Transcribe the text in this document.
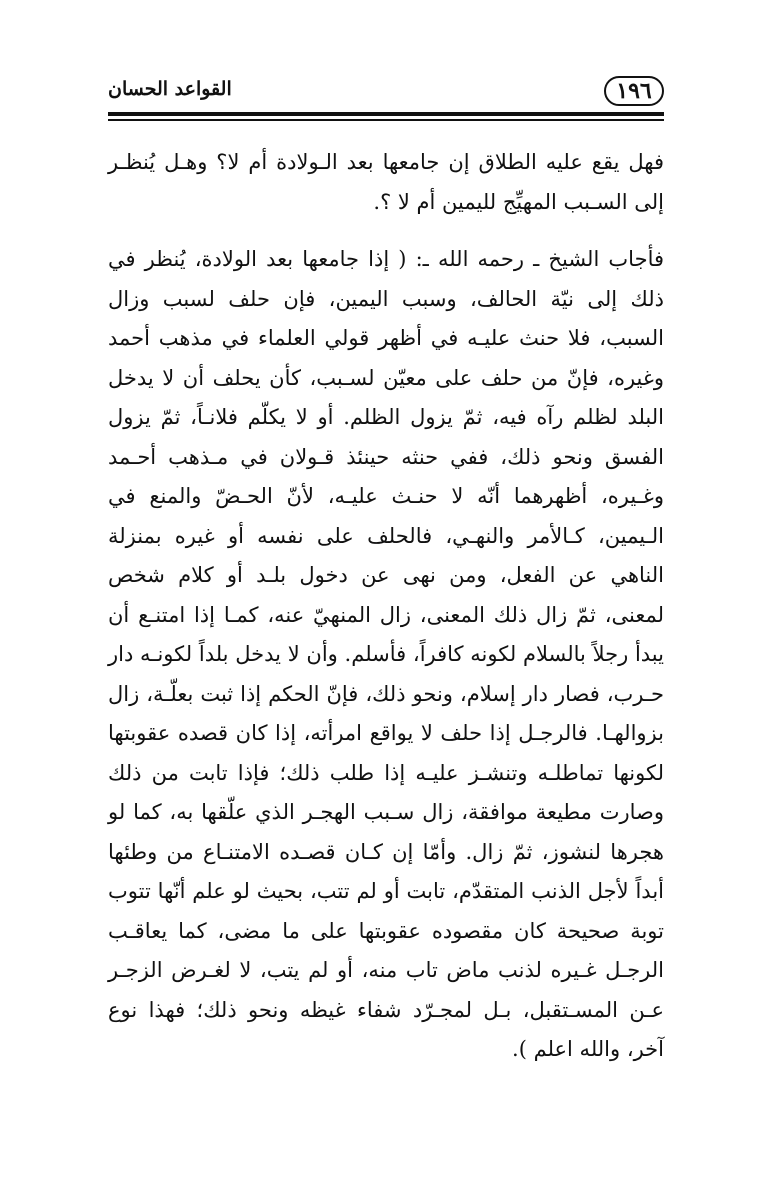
١٩٦
القواعد الحسان

فهل يقع عليه الطلاق إن جامعها بعد الـولادة أم لا؟ وهـل يُنظـر إلى السـبب المهيِّج لليمين أم لا ؟.

فأجاب الشيخ ـ رحمه الله ـ: ( إذا جامعها بعد الولادة، يُنظر في ذلك إلى نيّة الحالف، وسبب اليمين، فإن حلف لسبب وزال السبب، فلا حنث عليـه في أظهر قولي العلماء في مذهب أحمد وغيره، فإنّ من حلف على معيّن لسـبب، كأن يحلف أن لا يدخل البلد لظلم رآه فيه، ثمّ يزول الظلم. أو لا يكلّم فلانـاً، ثمّ يزول الفسق ونحو ذلك، ففي حنثه حينئذ قـولان في مـذهب أحـمد وغـيره، أظهرهما أنّه لا حنـث عليـه، لأنّ الحـضّ والمنع في الـيمين، كـالأمر والنهـي، فالحلف على نفسه أو غيره بمنزلة الناهي عن الفعل، ومن نهى عن دخول بلـد أو كلام شخص لمعنى، ثمّ زال ذلك المعنى، زال المنهيّ عنه، كمـا إذا امتنـع أن يبدأ رجلاً بالسلام لكونه كافراً، فأسلم. وأن لا يدخل بلداً لكونـه دار حـرب، فصار دار إسلام، ونحو ذلك، فإنّ الحكم إذا ثبت بعلّـة، زال بزوالهـا. فالرجـل إذا حلف لا يواقع امرأته، إذا كان قصده عقوبتها لكونها تماطلـه وتنشـز عليـه إذا طلب ذلك؛ فإذا تابت من ذلك وصارت مطيعة موافقة، زال سـبب الهجـر الذي علّقها به، كما لو هجرها لنشوز، ثمّ زال. وأمّا إن كـان قصـده الامتنـاع من وطئها أبداً لأجل الذنب المتقدّم، تابت أو لم تتب، بحيث لو علم أنّها تتوب توبة صحيحة كان مقصوده عقوبتها على ما مضى، كما يعاقـب الرجـل غـيره لذنب ماض تاب منه، أو لم يتب، لا لغـرض الزجـر عـن المسـتقبل، بـل لمجـرّد شفاء غيظه ونحو ذلك؛ فهذا نوع آخر، والله اعلم ).
